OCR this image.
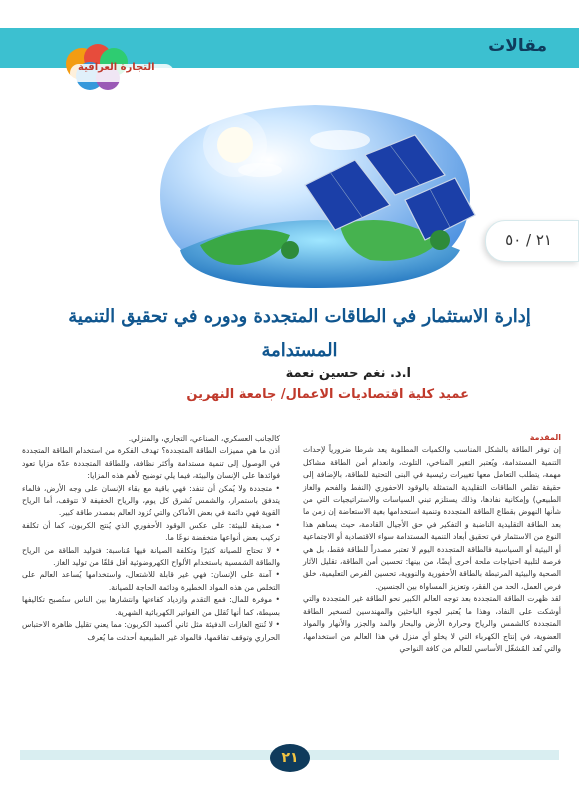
مقالات
التجارة العراقية
٢١ / ٥٠
إدارة الاستثمار في الطاقات المتجددة ودوره في تحقيق التنمية
المستدامة
ا.د. نغم حسين نعمة
عميد كلية اقتصاديات الاعمال/ جامعة النهرين

المقدمة

إن توفر الطاقة بالشكل المناسب والكميات المطلوبة يعد شرطا ضرورياً لإحداث التنمية المستدامة، ويُعتبر التغير المناخي، التلوث، وانعدام أمن الطاقة مشاكل مهمة، يتطلب التعامل معها تغييرات رئيسية في البنى التحتية للطاقة، بالإضافة إلى حقيقة تقلص الطاقات التقليدية المتمثلة بالوقود الاحفوري (النفط والفحم والغاز الطبيعي) وإمكانية نفادها، وذلك يستلزم تبني السياسات والاستراتيجيات التي من شأنها النهوض بقطاع الطاقة المتجددة وتنمية استخدامها بغية الاستعاضة إن زمن ما بعد الطاقة التقليدية الناضبة و التفكير في حق الأجيال القادمة، حيث يساهم هذا النوع من الاستثمار في تحقيق أبعاد التنمية المستدامة سواء الاقتصادية أو الاجتماعية أو البيئية أو السياسية فالطاقة المتجددة اليوم لا تعتبر مصدراً للطاقة فقط، بل هي فرصة لتلبية احتياجات ملحة أخرى أيضًا، من بينها: تحسين أمن الطاقة، تقليل الآثار الصحية والبيئية المرتبطة بالطاقة الأحفورية والنووية، تحسين الفرص التعليمية، خلق فرص العمل، الحد من الفقر، وتعزيز المساواة بين الجنسين.

لقد ظهرت الطاقة المتجددة بعد توجه العالم الكبير نحو الطاقة غير المتجددة والتي أوشكت على النفاد، وهذا ما يُعتبر لجوء الباحثين والمهندسين لتسخير الطاقة المتجددة كالشمس والرياح وحرارة الأرض والبحار والمد والجزر والأنهار والمواد العضوية، في إنتاج الكهرباء التي لا يخلو أي منزل في هذا العالم من استخدامها، والتي تُعد المُشغّل الأساسي للعالم من كافة النواحي

كالجانب العسكري، الصناعي، التجاري، والمنزلي.

أذن ما هي مميزات الطاقة المتجددة؟ تهدف الفكرة من استخدام الطاقة المتجددة في الوصول إلى تنمية مستدامة وأكثر نظافة، وللطاقة المتجددة عدّة مزايا تعود فوائدها على الإنسان والبيئة، فيما يلي توضيح لأهم هذه المزايا:

• متجددة ولا يُمكن أن تنفد: فهي باقية مع بقاء الإنسان على وجه الأرض، فالماء يتدفق باستمرار، والشمس تُشرق كل يوم، والرياح الخفيفة لا تتوقف، أما الرياح القوية فهي دائمة في بعض الأماكن والتي تُزود العالم بمصدر طاقة كبير.

• صديقة للبيئة: على عكس الوقود الأحفوري الذي يُنتج الكربون، كما أن تكلفة تركيب بعض أنواعها منخفضة نوعًا ما.

• لا تحتاج للصيانة كثيرًا وتكلفة الصيانة فيها مُناسبة: فتوليد الطاقة من الرياح والطاقة الشمسية باستخدام الألواح الكهروضوئية أقل قلقًا من توليد الغاز.

• آمنة على الإنسان: فهي غير قابلة للاشتعال، واستخدامها يُساعد العالم على التخلص من هذه المواد الخطيرة ودائمة الحاجة للصيانة.

• موفرة للمال: فمع التقدم وازدياد كفاءتها وانتشارها بين الناس ستُصبح تكاليفها بسيطة، كما أنها تُقلل من الفواتير الكهربائية الشهرية.

• لا تُنتج الغازات الدفيئة مثل ثاني أكسيد الكربون: مما يعني تقليل ظاهرة الاحتباس الحراري وتوقف تفاقمها، فالمواد غير الطبيعية أحدثت ما يُعرف

٢١
